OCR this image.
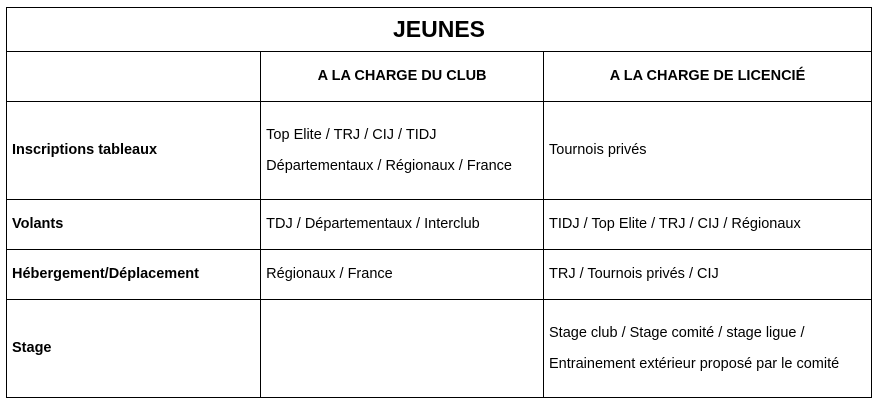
JEUNES		
	A LA CHARGE DU CLUB	A LA CHARGE DE LICENCIÉ
Inscriptions tableaux	Top Elite / TRJ / CIJ / TIDJ Départementaux / Régionaux / France	Tournois privés
Volants	TDJ / Départementaux / Interclub	TIDJ / Top Elite / TRJ / CIJ / Régionaux
Hébergement/Déplacement	Régionaux / France	TRJ / Tournois privés / CIJ
Stage		Stage club / Stage comité / stage ligue / Entrainement extérieur proposé par le comité
